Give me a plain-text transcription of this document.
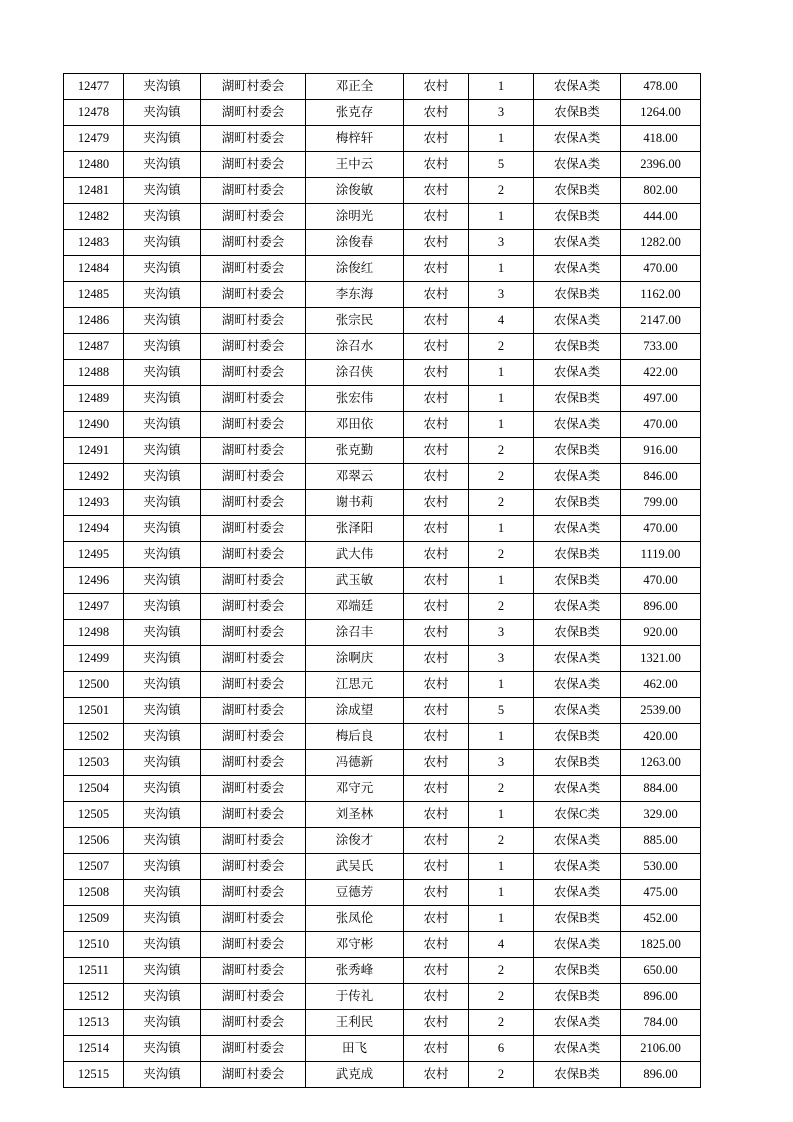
12477	夹沟镇	湖町村委会	邓正全	农村	1	农保A类	478.00
12478	夹沟镇	湖町村委会	张克存	农村	3	农保B类	1264.00
12479	夹沟镇	湖町村委会	梅梓轩	农村	1	农保A类	418.00
12480	夹沟镇	湖町村委会	王中云	农村	5	农保A类	2396.00
12481	夹沟镇	湖町村委会	涂俊敏	农村	2	农保B类	802.00
12482	夹沟镇	湖町村委会	涂明光	农村	1	农保B类	444.00
12483	夹沟镇	湖町村委会	涂俊春	农村	3	农保A类	1282.00
12484	夹沟镇	湖町村委会	涂俊红	农村	1	农保A类	470.00
12485	夹沟镇	湖町村委会	李东海	农村	3	农保B类	1162.00
12486	夹沟镇	湖町村委会	张宗民	农村	4	农保A类	2147.00
12487	夹沟镇	湖町村委会	涂召水	农村	2	农保B类	733.00
12488	夹沟镇	湖町村委会	涂召侠	农村	1	农保A类	422.00
12489	夹沟镇	湖町村委会	张宏伟	农村	1	农保B类	497.00
12490	夹沟镇	湖町村委会	邓田依	农村	1	农保A类	470.00
12491	夹沟镇	湖町村委会	张克勤	农村	2	农保B类	916.00
12492	夹沟镇	湖町村委会	邓翠云	农村	2	农保A类	846.00
12493	夹沟镇	湖町村委会	谢书莉	农村	2	农保B类	799.00
12494	夹沟镇	湖町村委会	张泽阳	农村	1	农保A类	470.00
12495	夹沟镇	湖町村委会	武大伟	农村	2	农保B类	1119.00
12496	夹沟镇	湖町村委会	武玉敏	农村	1	农保B类	470.00
12497	夹沟镇	湖町村委会	邓端廷	农村	2	农保A类	896.00
12498	夹沟镇	湖町村委会	涂召丰	农村	3	农保B类	920.00
12499	夹沟镇	湖町村委会	涂啊庆	农村	3	农保A类	1321.00
12500	夹沟镇	湖町村委会	江思元	农村	1	农保A类	462.00
12501	夹沟镇	湖町村委会	涂成望	农村	5	农保A类	2539.00
12502	夹沟镇	湖町村委会	梅后良	农村	1	农保B类	420.00
12503	夹沟镇	湖町村委会	冯德新	农村	3	农保B类	1263.00
12504	夹沟镇	湖町村委会	邓守元	农村	2	农保A类	884.00
12505	夹沟镇	湖町村委会	刘圣林	农村	1	农保C类	329.00
12506	夹沟镇	湖町村委会	涂俊才	农村	2	农保A类	885.00
12507	夹沟镇	湖町村委会	武吴氏	农村	1	农保A类	530.00
12508	夹沟镇	湖町村委会	豆德芳	农村	1	农保A类	475.00
12509	夹沟镇	湖町村委会	张凤伦	农村	1	农保B类	452.00
12510	夹沟镇	湖町村委会	邓守彬	农村	4	农保A类	1825.00
12511	夹沟镇	湖町村委会	张秀峰	农村	2	农保B类	650.00
12512	夹沟镇	湖町村委会	于传礼	农村	2	农保B类	896.00
12513	夹沟镇	湖町村委会	王利民	农村	2	农保A类	784.00
12514	夹沟镇	湖町村委会	田飞	农村	6	农保A类	2106.00
12515	夹沟镇	湖町村委会	武克成	农村	2	农保B类	896.00
